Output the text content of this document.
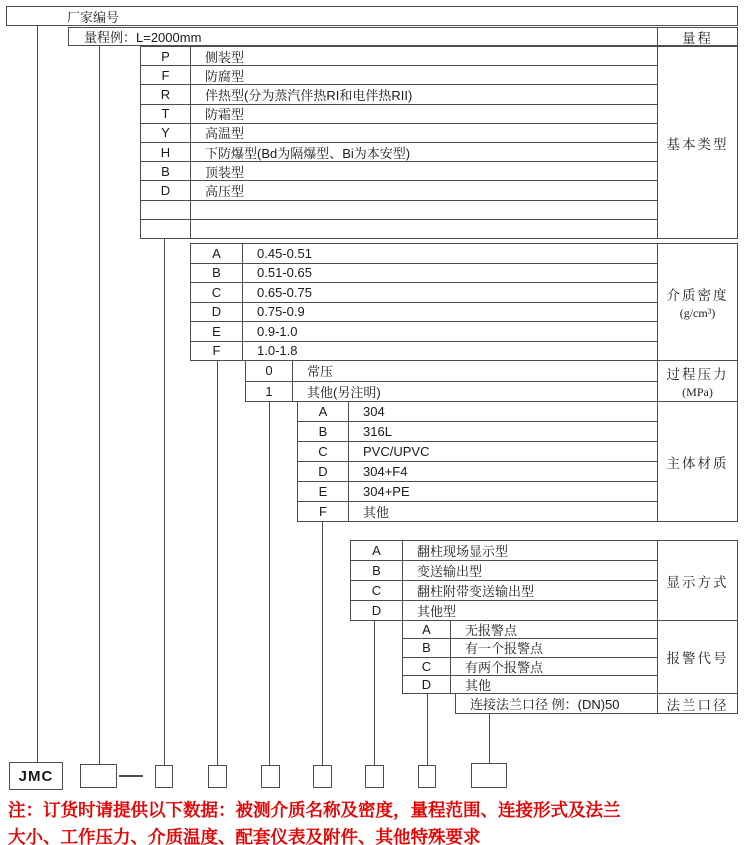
厂家编号
量程例：L=2000mm	量程
P	侧装型
F	防腐型
R	伴热型(分为蒸汽伴热RI和电伴热RII)
T	防霜型
Y	高温型
H	下防爆型(Bd为隔爆型、Bi为本安型)
B	顶装型
D	高压型
基本类型
A	0.45-0.51
B	0.51-0.65
C	0.65-0.75
D	0.75-0.9
E	0.9-1.0
F	1.0-1.8
介质密度
(g/cm³)
0	常压
1	其他(另注明)
过程压力
(MPa)
A	304
B	316L
C	PVC/UPVC
D	304+F4
E	304+PE
F	其他
主体材质
A	翻柱现场显示型
B	变送输出型
C	翻柱附带变送输出型
D	其他型
显示方式
A	无报警点
B	有一个报警点
C	有两个报警点
D	其他
报警代号
连接法兰口径 例：(DN)50	法兰口径
JMC
注：订货时请提供以下数据：被测介质名称及密度，量程范围、连接形式及法兰
大小、工作压力、介质温度、配套仪表及附件、其他特殊要求
